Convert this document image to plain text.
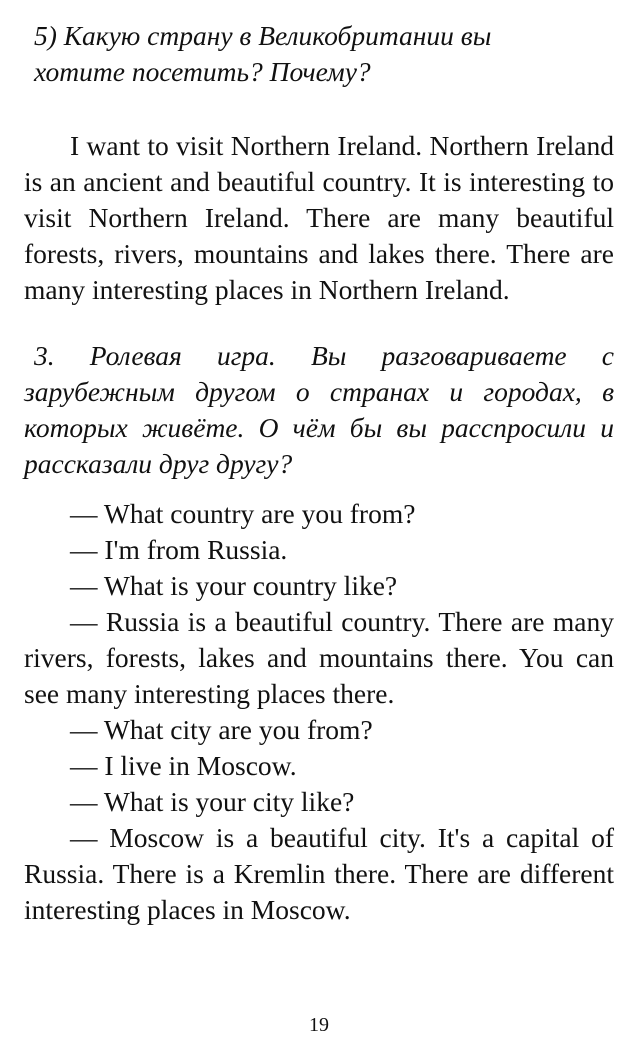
5) Какую страну в Великобритании вы
хотите посетить? Почему?

I want to visit Northern Ireland. Northern Ireland is an ancient and beautiful country. It is interesting to visit Northern Ireland. There are many beautiful forests, rivers, mountains and lakes there. There are many interesting places in Northern Ireland.

3. Ролевая игра. Вы разговариваете с зарубежным другом о странах и городах, в которых живёте. О чём бы вы расспросили и рассказали друг другу?

— What country are you from?
— I'm from Russia.
— What is your country like?
— Russia is a beautiful country. There are many rivers, forests, lakes and mountains there. You can see many interesting places there.
— What city are you from?
— I live in Moscow.
— What is your city like?
— Moscow is a beautiful city. It's a capital of Russia. There is a Kremlin there. There are different interesting places in Moscow.
19
